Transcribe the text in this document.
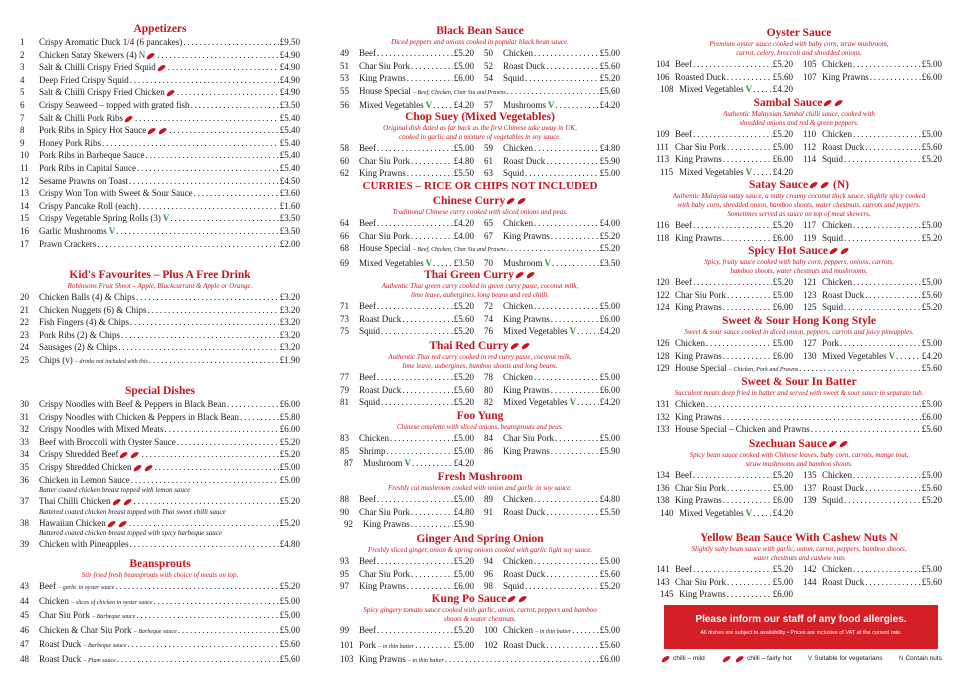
Appetizers
1	Crispy Aromatic Duck 1/4 (6 pancakes) . . .	£9.50
2	Chicken Satay Skewers (4) N . . .	£4.90
3	Salt & Chilli Crispy Fried Squid . . .	£4.90
4	Deep Fried Crispy Squid . . .	£4.90
5	Salt & Chilli Crispy Fried Chicken . . .	£4.90
6	Crispy Seaweed – topped with grated fish . . .	£3.50
7	Salt & Chilli Pork Ribs . . .	£5.40
8	Pork Ribs in Spicy Hot Sauce . . .	£5.40
9	Honey Pork Ribs . . .	£5.40
10	Pork Ribs in Barbeque Sauce . . .	£5.40
11	Pork Ribs in Capital Sauce . . .	£5.40
12	Sesame Prawns on Toast . . .	£4.50
13	Crispy Won Ton with Sweet & Sour Sauce . . .	£3.60
14	Crispy Pancake Roll (each) . . .	£1.60
15	Crispy Vegetable Spring Rolls (3) V . . .	£3.50
16	Garlic Mushrooms V . . .	£3.50
17	Prawn Crackers . . .	£2.00
Kid's Favourites – Plus A Free Drink
Robinsons Fruit Shoot – Apple, Blackcurrant & Apple or Orange.
20	Chicken Balls (4) & Chips . . .	£3.20
21	Chicken Nuggets (6) & Chips . . .	£3.20
22	Fish Fingers (4) & Chips . . .	£3.20
23	Pork Ribs (2) & Chips . . .	£3.20
24	Sausages (2) & Chips . . .	£3.20
25	Chips (v) – drinks not included with this . . .	£1.90
Special Dishes
30	Crispy Noodles with Beef & Peppers in Black Bean . . .	£6.00
31	Crispy Noodles with Chicken & Peppers in Black Bean . . .	£5.80
32	Crispy Noodles with Mixed Meats . . .	£6.00
33	Beef with Broccoli with Oyster Sauce . . .	£5.20
34	Crispy Shredded Beef . . .	£5.20
35	Crispy Shredded Chicken . . .	£5.00
36	Chicken in Lemon Sauce . . .	£5.00
Batter coated chicken breast topped with lemon sauce
37	Thai Chilli Chicken . . .	£5.20
Battered coated chicken breast topped with Thai sweet chilli sauce
38	Hawaiian Chicken . . .	£5.20
Battered coated chicken breast topped with spicy barbeque sauce
39	Chicken with Pineapples . . .	£4.80
Beansprouts
Stir fried fresh beansprouts with choice of meats on top.
43	Beef – garlic in oyster sauce . . .	£5.20
44	Chicken – slices of chicken in oyster sauce . . .	£5.00
45	Char Siu Pork – Barbeque sauce . . .	£5.00
46	Chicken & Char Siu Pork – Barbeque sauce . . .	£5.00
47	Roast Duck – Barbeque sauce . . .	£5.60
48	Roast Duck – Plum sauce . . .	£5.60
Black Bean Sauce
Diced peppers and onions cooked in popular black bean sauce.
49	Beef . . .	£5.20 50	Chicken . . .	£5.00
51	Char Siu Pork . . .	£5.00 52	Roast Duck . . .	£5.60
53	King Prawns . . .	£6.00 54	Squid . . .	£5.20
55	House Special – Beef, Chicken, Char Siu and Prawns . . .	£5.60
56	Mixed Vegetables V . . . £4.20 57	Mushrooms V . . .	£4.20
Chop Suey (Mixed Vegetables)
Original dish dated as far back as the first Chinese take away in UK,
cooked in garlic and a mixture of vegetables in soy sauce.
58	Beef . . .	£5.00 59	Chicken . . .	£4.80
60	Char Siu Pork . . .	£4.80 61	Roast Duck . . .	£5.90
62	King Prawns . . .	£5.50 63	Squid . . .	£5.00
CURRIES – RICE OR CHIPS NOT INCLUDED
Chinese Curry
Traditional Chinese curry cooked with sliced onions and peas.
64	Beef . . .	£4.20 65	Chicken . . .	£4.00
66	Char Siu Pork . . .	£4.00 67	King Prawns . . .	£5.20
68	House Special – Beef, Chicken, Char Siu and Prawns . . .	£5.20
69	Mixed Vegetables V . . . £3.50 70	Mushroom V . . .	£3.50
Thai Green Curry
Authentic Thai green curry cooked in green curry paste, coconut milk,
lime leave, aubergines, long beans and red chilli.
71	Beef . . .	£5.20 72	Chicken . . .	£5.00
73	Roast Duck . . .	£5.60 74	King Prawns . . .	£6.00
75	Squid . . .	£5.20 76	Mixed Vegetables V . . .	£4.20
Thai Red Curry
Authentic Thai red curry cooked in red curry paste, coconut milk,
lime leave, aubergines, bamboo shoots and long beans.
77	Beef . . .	£5.20 78	Chicken . . .	£5.00
79	Roast Duck . . .	£5.60 80	King Prawns . . .	£6.00
81	Squid . . .	£5.20 82	Mixed Vegetables V . . .	£4.20
Foo Yung
Chinese omelette with sliced onions, beansprouts and peas.
83	Chicken . . .	£5.00 84	Char Siu Pork . . .	£5.00
85	Shrimp . . .	£5.00 86	King Prawns . . .	£5.90
87	Mushroom V . . .	£4.20
Fresh Mushroom
Freshly cut mushroom cooked with onion and garlic in soy sauce.
88	Beef . . .	£5.00 89	Chicken . . .	£4.80
90	Char Siu Pork . . .	£4.80 91	Roast Duck . . .	£5.50
92	King Prawns . . .	£5.90
Ginger And Spring Onion
Freshly sliced ginger, onion & spring onions cooked with garlic light soy sauce.
93	Beef . . .	£5.20 94	Chicken . . .	£5.00
95	Char Siu Pork . . .	£5.00 96	Roast Duck . . .	£5.60
97	King Prawns . . .	£6.00 98	Squid . . .	£5.20
Kung Po Sauce
Spicy gingery tomato sauce cooked with garlic, onion, carrot, peppers and bamboo
shoots & water chestnuts.
99	Beef . . .	£5.20 100 Chicken – in thin batter . . .	£5.00
101 Pork – in thin batter . . .	£5.00 102 Roast Duck . . .	£5.60
103 King Prawns – in thin batter . . .	£6.00
Oyster Sauce
Premium oyster sauce cooked with baby corn, straw mushroom,
carrot, celery, broccoli and shredded onions.
104 Beef . . .	£5.20 105 Chicken . . .	£5.00
106 Roasted Duck . . .	£5.60 107 King Prawns . . .	£6.00
108 Mixed Vegetables V . . . £4.20
Sambal Sauce
Authentic Malaysian Sambal chilli sauce, cooked with
shredded onions and red & green peppers.
109 Beef . . .	£5.20 110 Chicken . . .	£5.00
111 Char Siu Pork . . .	£5.00 112 Roast Duck . . .	£5.60
113 King Prawns . . .	£6.00 114 Squid . . .	£5.20
115 Mixed Vegetables V . . . £4.20
Satay Sauce (N)
Authentic Malaysia satay sauce, a nutty creamy coconut thick sauce, slightly spicy cooked
with baby corn, shredded onion, bamboo shoots, water chestnuts, carrots and peppers.
Sometimes served as sauce on top of meat skewers.
116 Beef . . .	£5.20 117 Chicken . . .	£5.00
118 King Prawns . . .	£6.00 119 Squid . . .	£5.20
Spicy Hot Sauce
Spicy, fruity sauce cooked with baby corn, peppers, onions, carrots,
bamboo shoots, water chestnuts and mushrooms.
120 Beef . . .	£5.20 121 Chicken . . .	£5.00
122 Char Siu Pork . . .	£5.00 123 Roast Duck . . .	£5.60
124 King Prawns . . .	£6.00 125 Squid . . .	£5.20
Sweet & Sour Hong Kong Style
Sweet & sour sauce cooked in diced onion, peppers, carrots and juicy pineapples.
126 Chicken . . .	£5.00 127 Pork . . .	£5.00
128 King Prawns . . .	£6.00 130 Mixed Vegetables V . . .	£4.20
129 House Special – Chicken, Pork and Prawns . . .	£5.60
Sweet & Sour In Batter
Succulent meats deep fried in batter and served with sweet & sour sauce in separate tub.
131 Chicken . . .	£5.00
132 King Prawns . . .	£6.00
133 House Special – Chicken and Prawns . . .	£5.60
Szechuan Sauce
Spicy bean sauce cooked with Chinese leaves, baby corn, carrots, mange tout,
straw mushrooms and bamboo shoots.
134 Beef . . .	£5.20 135 Chicken . . .	£5.00
136 Char Siu Pork . . .	£5.00 137 Roast Duck . . .	£5.60
138 King Prawns . . .	£6.00 139 Squid . . .	£5.20
140 Mixed Vegetables V . . . £4.20
Yellow Bean Sauce With Cashew Nuts N
Slightly salty bean sauce with garlic, onion, carrot, peppers, bamboo shoots,
water chestnuts and cashew nuts
141 Beef . . .	£5.20 142 Chicken . . .	£5.00
143 Char Siu Pork . . .	£5.00 144 Roast Duck . . .	£5.60
145 King Prawns . . .	£6.00
Please inform our staff of any food allergies.
All dishes are subject to availability • Prices are inclusive of VAT at the current rate.
chilli – mild	chilli – fairly hot	V Suitable for vegetarians	N Contain nuts
